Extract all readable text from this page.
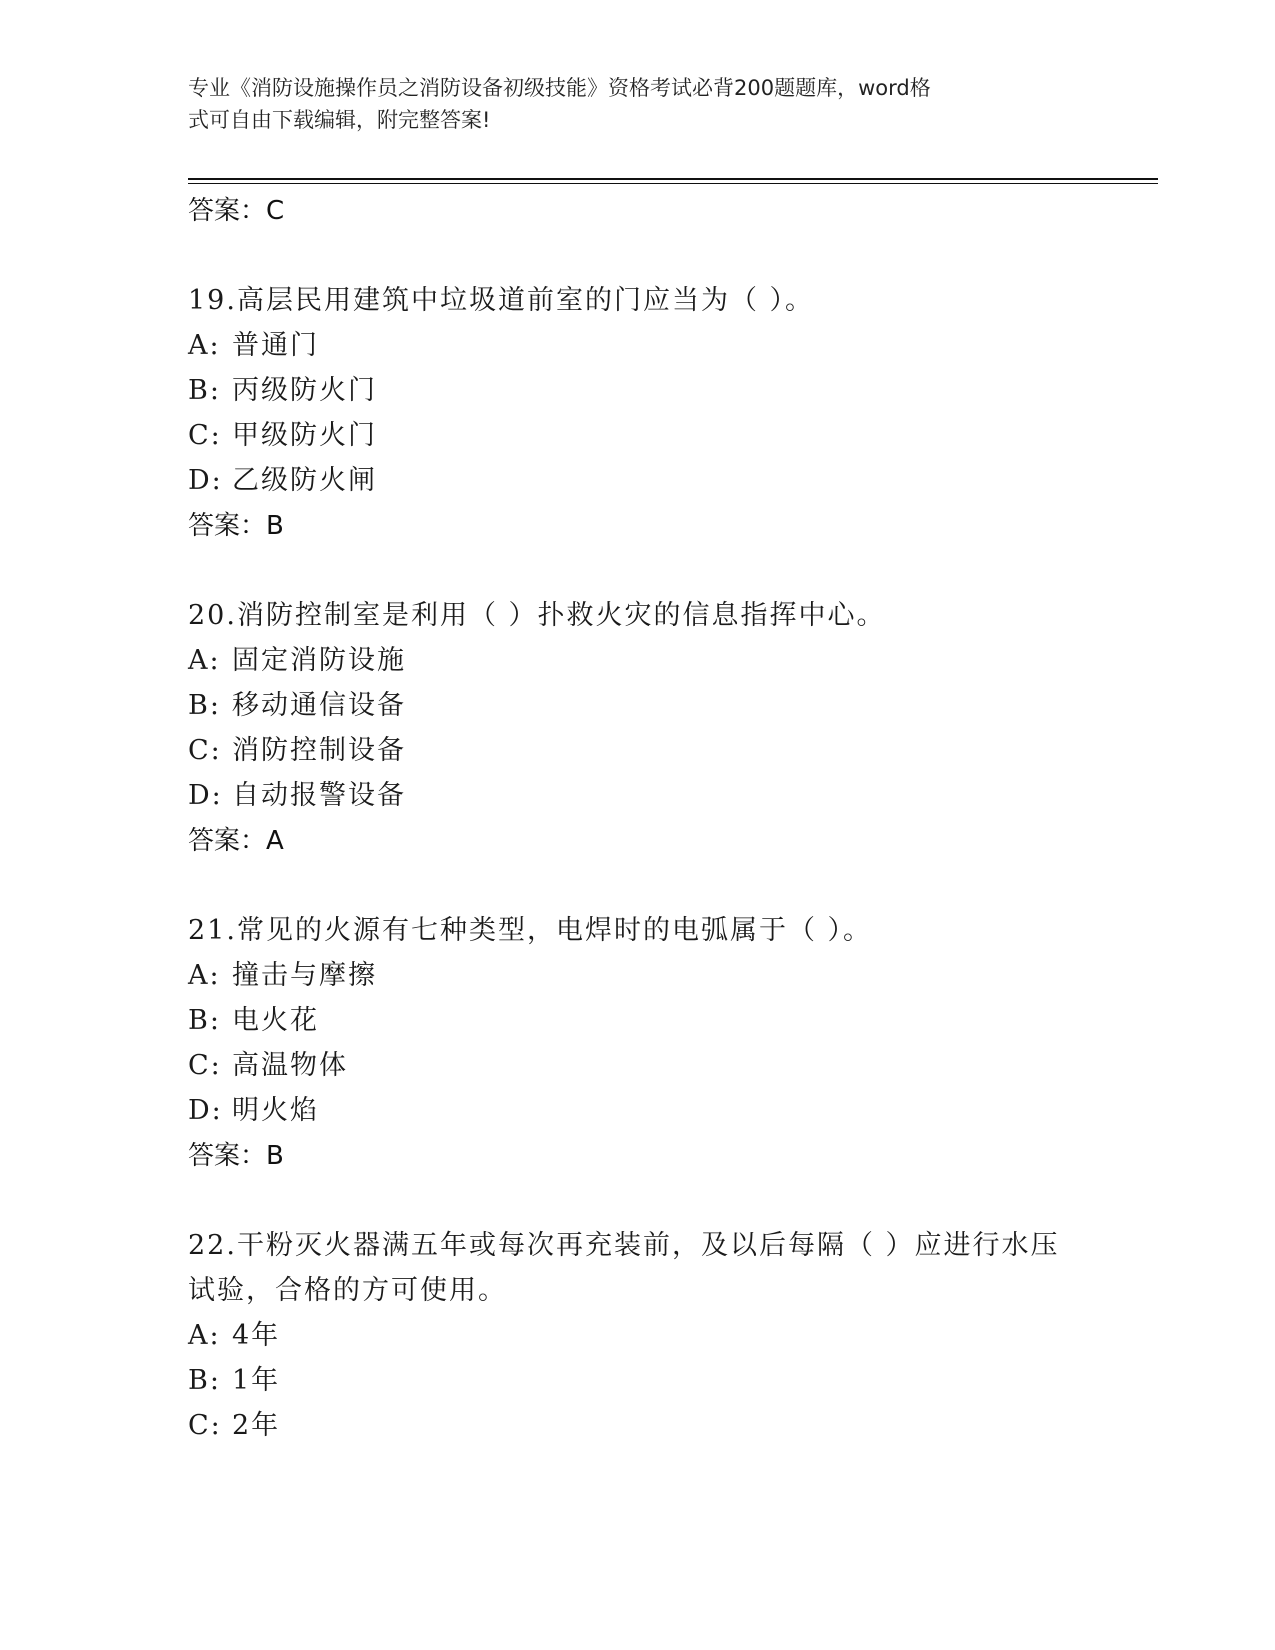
专业《消防设施操作员之消防设备初级技能》资格考试必背200题题库，word格
式可自由下载编辑，附完整答案!
答案：C
19.高层民用建筑中垃圾道前室的门应当为（ ）。
A: 普通门
B: 丙级防火门
C: 甲级防火门
D: 乙级防火闸
答案：B
20.消防控制室是利用（ ）扑救火灾的信息指挥中心。
A: 固定消防设施
B: 移动通信设备
C: 消防控制设备
D: 自动报警设备
答案：A
21.常见的火源有七种类型，电焊时的电弧属于（ ）。
A: 撞击与摩擦
B: 电火花
C: 高温物体
D: 明火焰
答案：B
22.干粉灭火器满五年或每次再充装前，及以后每隔（ ）应进行水压试验，合格的方可使用。
A: 4年
B: 1年
C: 2年
